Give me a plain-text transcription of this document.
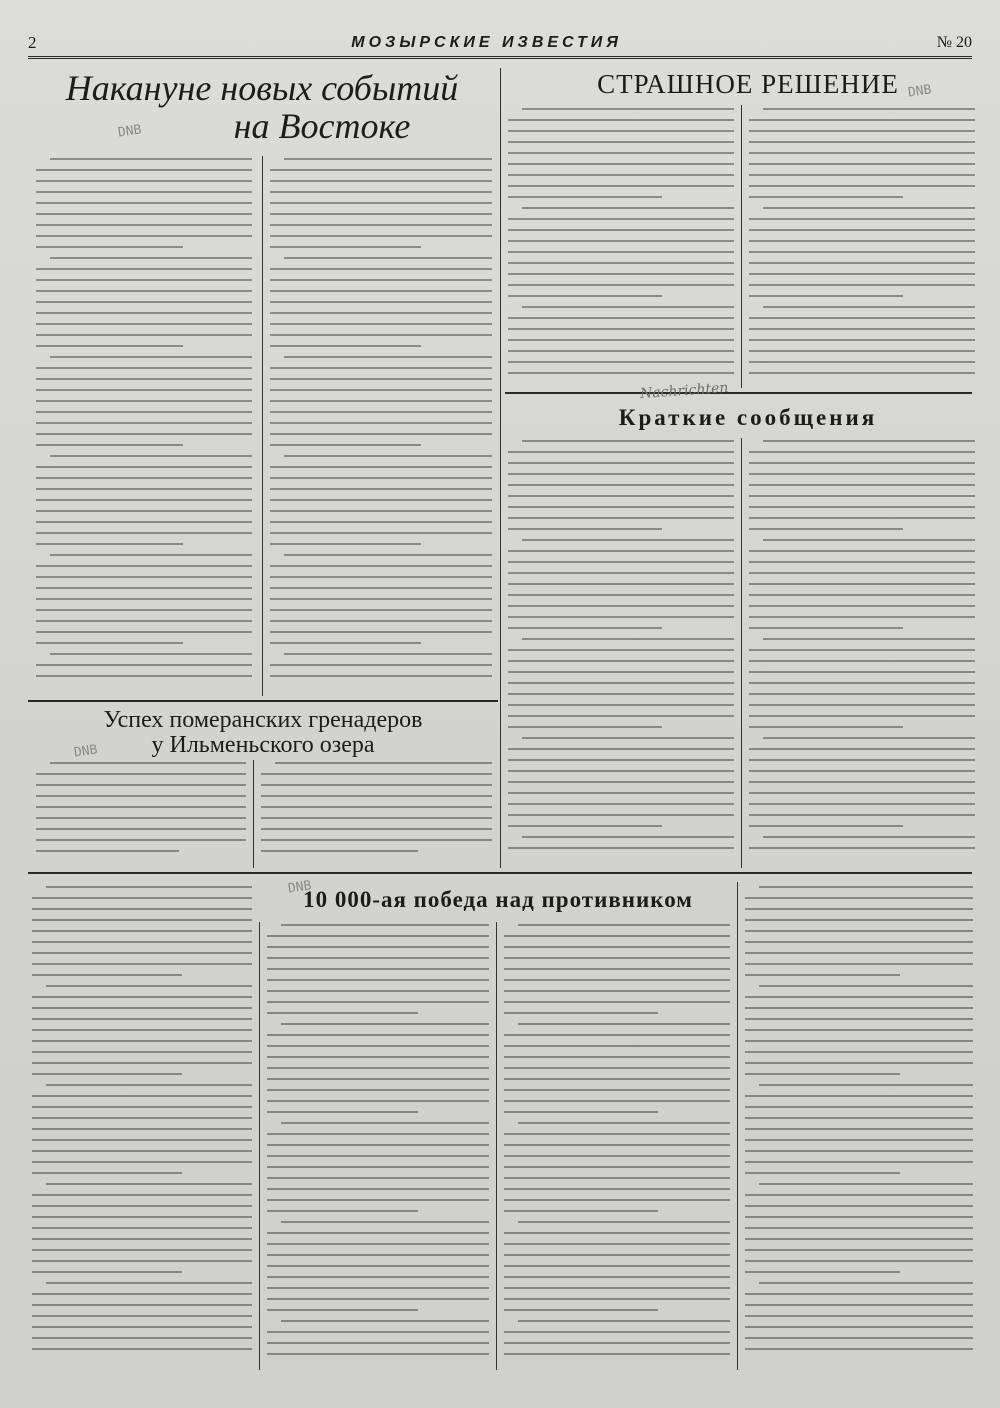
2	МОЗЫРСКИЕ ИЗВЕСТИЯ	№ 20
Накануне новых событий
на Востоке
СТРАШНОЕ РЕШЕНИЕ
Краткие сообщения
Успех померанских гренадеров
у Ильменьского озера
10 000-ая победа над противником
DNB
DNB
DNB
DNB
Nachrichten
